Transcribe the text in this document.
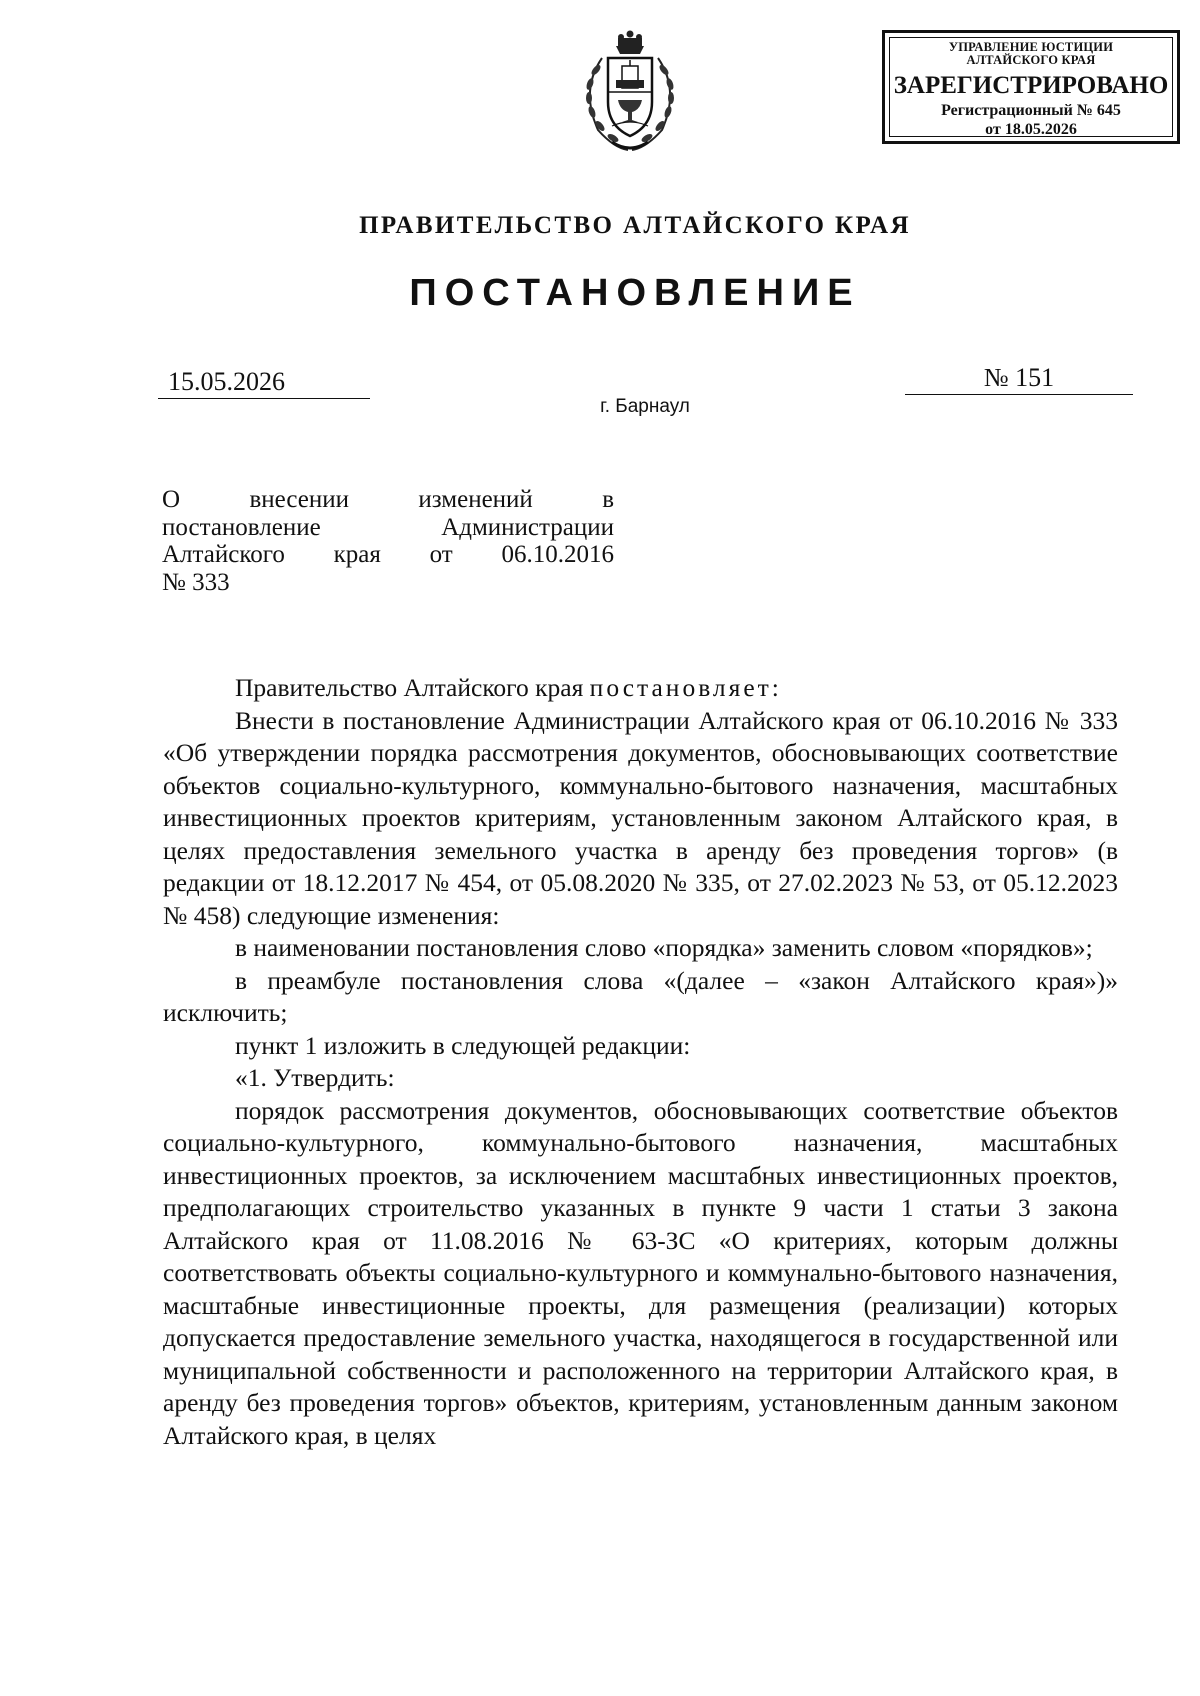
УПРАВЛЕНИЕ ЮСТИЦИИ
АЛТАЙСКОГО КРАЯ
ЗАРЕГИСТРИРОВАНО
Регистрационный № 645
от 18.05.2026
ПРАВИТЕЛЬСТВО АЛТАЙСКОГО КРАЯ
ПОСТАНОВЛЕНИЕ
15.05.2026	№ 151
г. Барнаул
О внесении изменений в
постановление Администрации
Алтайского края от 06.10.2016
№ 333

Правительство Алтайского края постановляет:

Внести в постановление Администрации Алтайского края от 06.10.2016 № 333 «Об утверждении порядка рассмотрения документов, обосновывающих соответствие объектов социально-культурного, коммунально-бытового назначения, масштабных инвестиционных проектов критериям, установленным законом Алтайского края, в целях предоставления земельного участка в аренду без проведения торгов» (в редакции от 18.12.2017 № 454, от 05.08.2020 № 335, от 27.02.2023 № 53, от 05.12.2023 № 458) следующие изменения:

в наименовании постановления слово «порядка» заменить словом «порядков»;

в преамбуле постановления слова «(далее – «закон Алтайского края»)» исключить;

пункт 1 изложить в следующей редакции:

«1. Утвердить:

порядок рассмотрения документов, обосновывающих соответствие объектов социально-культурного, коммунально-бытового назначения, масштабных инвестиционных проектов, за исключением масштабных инвестиционных проектов, предполагающих строительство указанных в пункте 9 части 1 статьи 3 закона Алтайского края от 11.08.2016 № 63-ЗС «О критериях, которым должны соответствовать объекты социально-культурного и коммунально-бытового назначения, масштабные инвестиционные проекты, для размещения (реализации) которых допускается предоставление земельного участка, находящегося в государственной или муниципальной собственности и расположенного на территории Алтайского края, в аренду без проведения торгов» объектов, критериям, установленным данным законом Алтайского края, в целях
